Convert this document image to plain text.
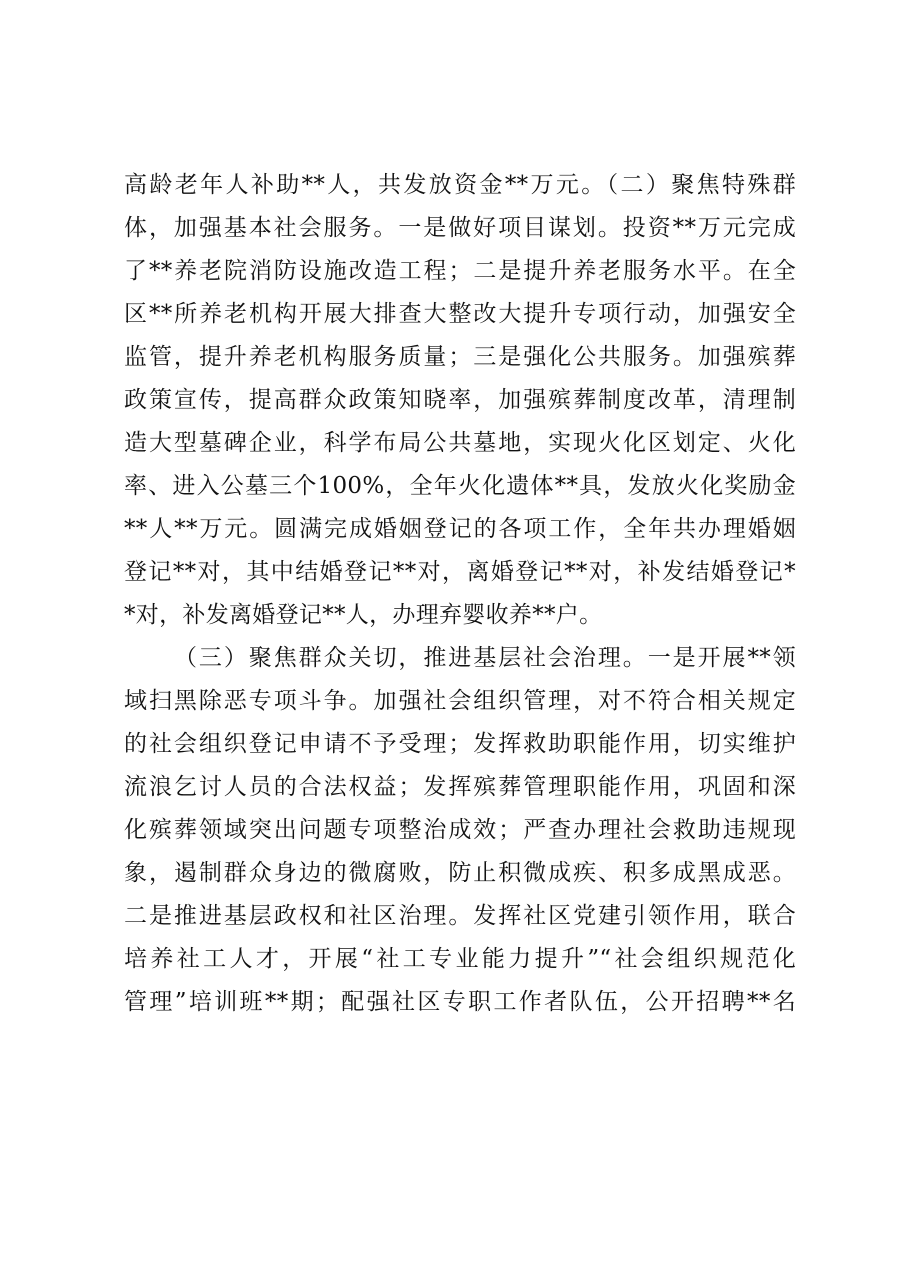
高龄老年人补助**人，共发放资金**万元。（二）聚焦特殊群
体，加强基本社会服务。一是做好项目谋划。投资**万元完成
了**养老院消防设施改造工程；二是提升养老服务水平。在全
区**所养老机构开展大排查大整改大提升专项行动，加强安全
监管，提升养老机构服务质量；三是强化公共服务。加强殡葬
政策宣传，提高群众政策知晓率，加强殡葬制度改革，清理制
造大型墓碑企业，科学布局公共墓地，实现火化区划定、火化
率、进入公墓三个100%，全年火化遗体**具，发放火化奖励金
**人**万元。圆满完成婚姻登记的各项工作，全年共办理婚姻
登记**对，其中结婚登记**对，离婚登记**对，补发结婚登记*
*对，补发离婚登记**人，办理弃婴收养**户。
（三）聚焦群众关切，推进基层社会治理。一是开展**领
域扫黑除恶专项斗争。加强社会组织管理，对不符合相关规定
的社会组织登记申请不予受理；发挥救助职能作用，切实维护
流浪乞讨人员的合法权益；发挥殡葬管理职能作用，巩固和深
化殡葬领域突出问题专项整治成效；严查办理社会救助违规现
象，遏制群众身边的微腐败，防止积微成疾、积多成黑成恶。
二是推进基层政权和社区治理。发挥社区党建引领作用，联合
培养社工人才，开展“社工专业能力提升”“社会组织规范化
管理”培训班**期；配强社区专职工作者队伍，公开招聘**名
